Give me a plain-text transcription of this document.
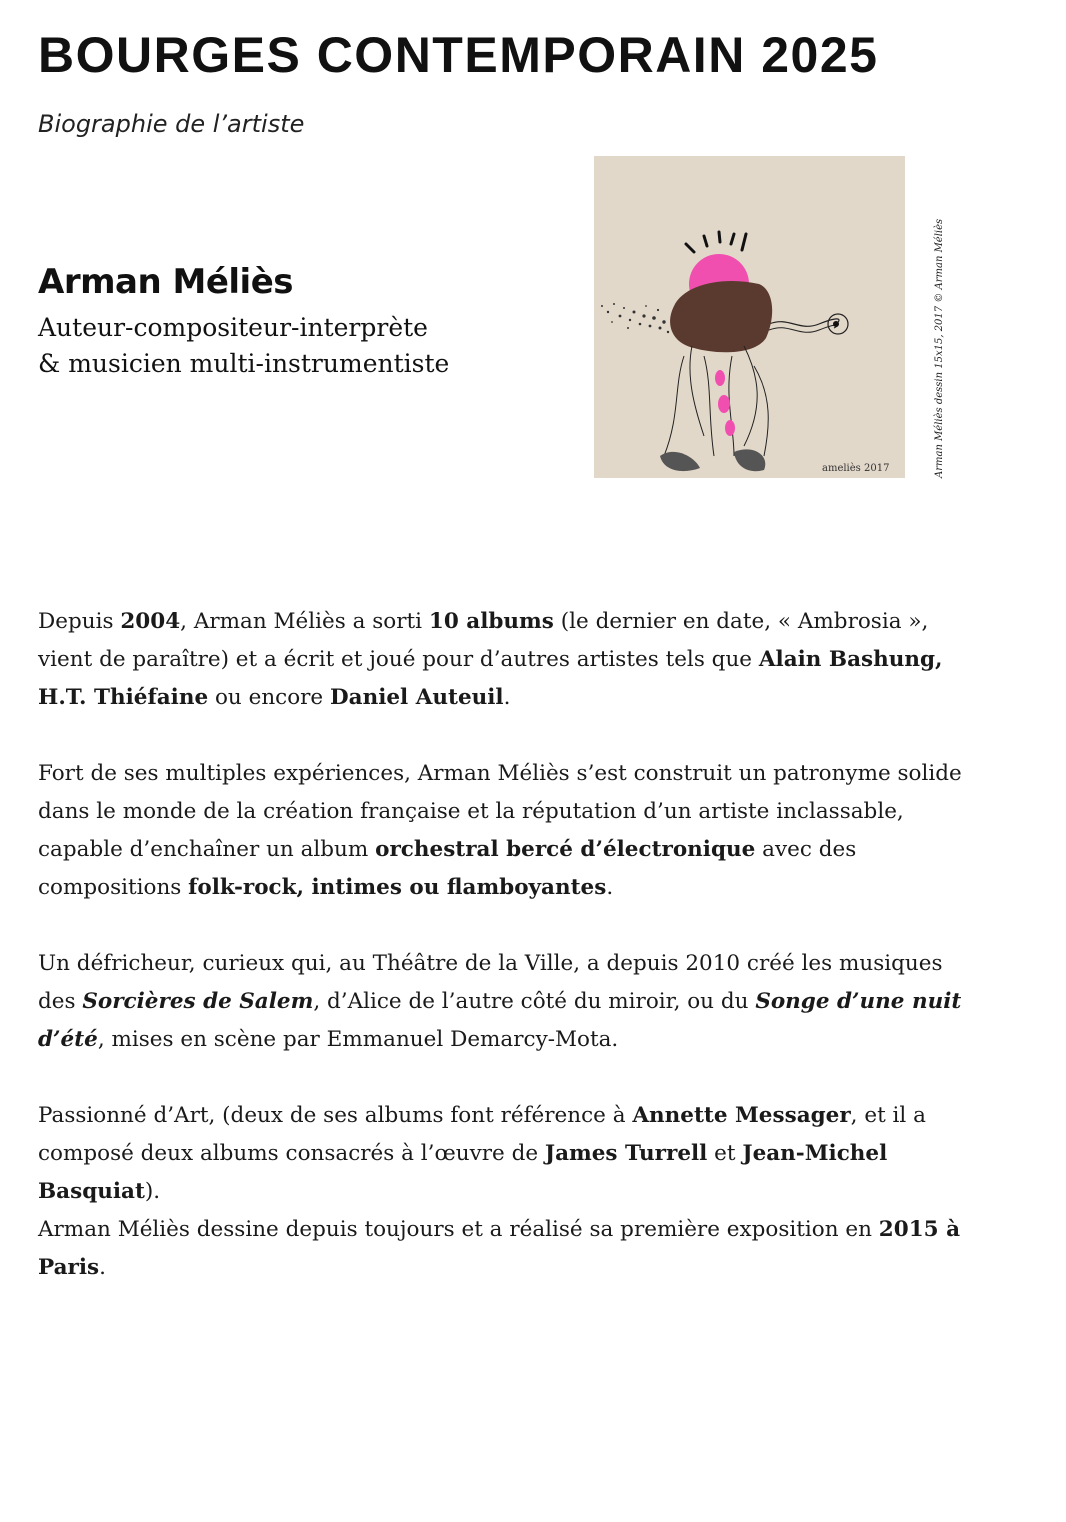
BOURGES CONTEMPORAIN 2025

Biographie de l’artiste

Arman Méliès

Auteur-compositeur-interprète
& musicien multi-instrumentiste

ameliès 2017	Arman Méliès dessin 15x15, 2017 © Arman Méliès

Depuis 2004, Arman Méliès a sorti 10 albums (le dernier en date, « Ambrosia », vient de paraître) et a écrit et joué pour d’autres artistes tels que Alain Bashung, H.T. Thiéfaine ou encore Daniel Auteuil.

Fort de ses multiples expériences, Arman Méliès s’est construit un patronyme solide dans le monde de la création française et la réputation d’un artiste inclassable, capable d’enchaîner un album orchestral bercé d’électronique avec des compositions folk-rock, intimes ou flamboyantes.

Un défricheur, curieux qui, au Théâtre de la Ville, a depuis 2010 créé les musiques des Sorcières de Salem, d’Alice de l’autre côté du miroir, ou du Songe d’une nuit d’été, mises en scène par Emmanuel Demarcy-Mota.

Passionné d’Art, (deux de ses albums font référence à Annette Messager, et il a composé deux albums consacrés à l’œuvre de James Turrell et Jean-Michel Basquiat).

Arman Méliès dessine depuis toujours et a réalisé sa première exposition en 2015 à Paris.
